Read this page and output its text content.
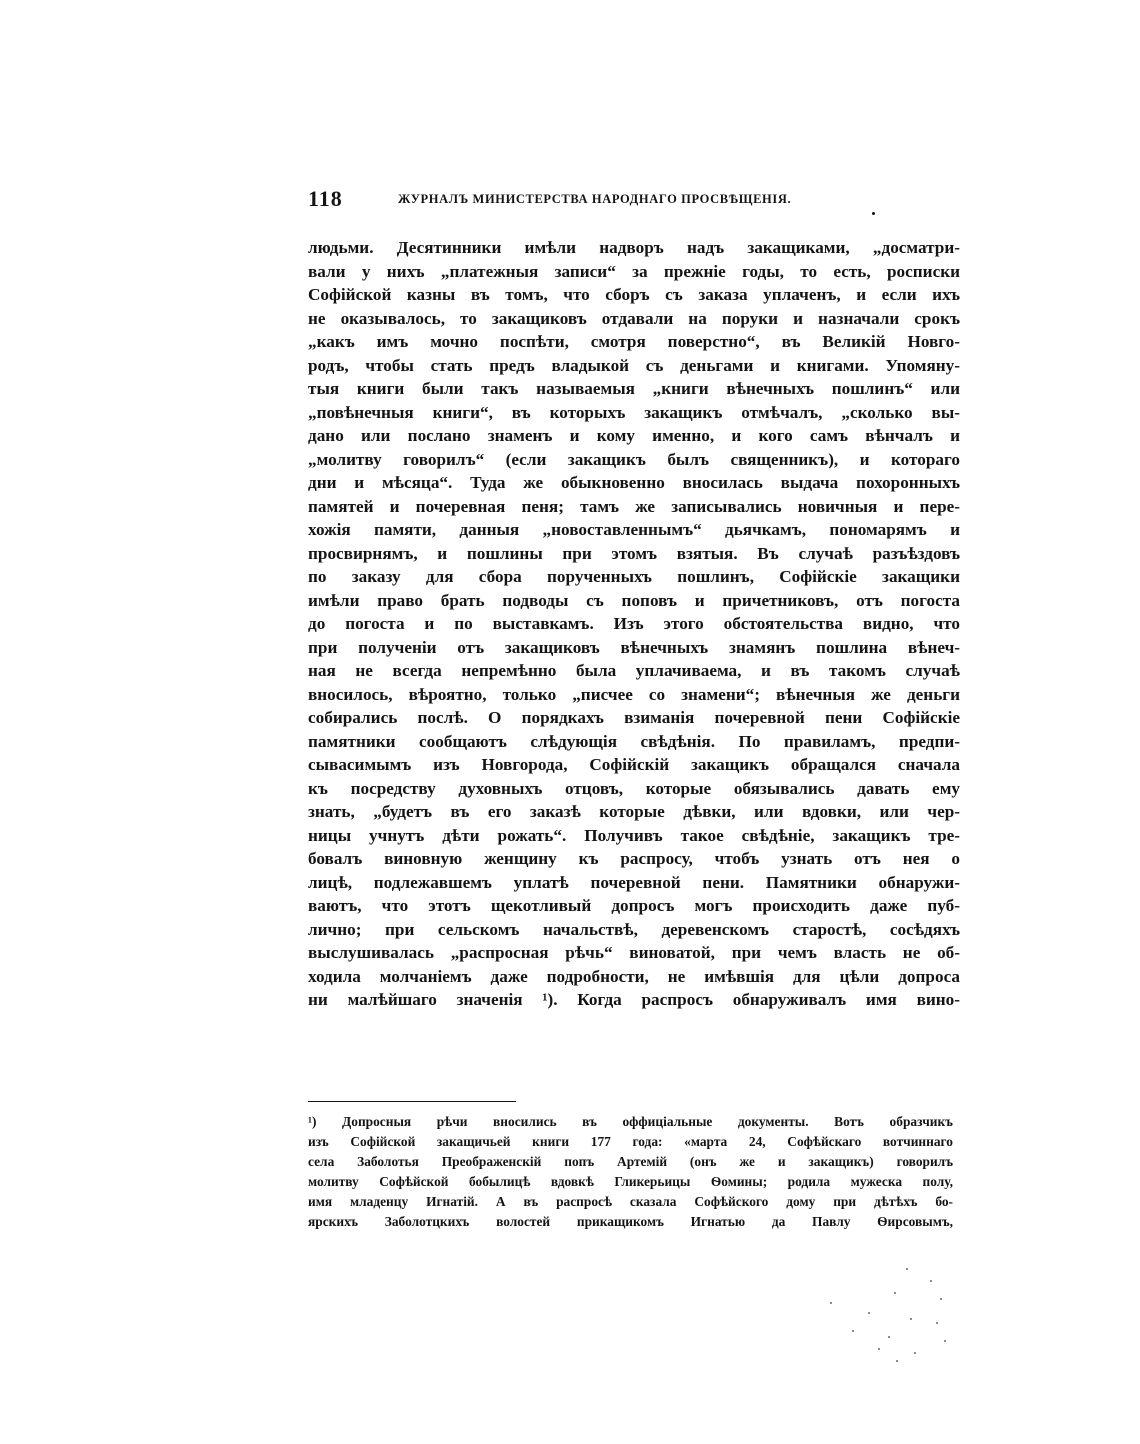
118	ЖУРНАЛЪ МИНИСТЕРСТВА НАРОДНАГО ПРОСВѢЩЕНІЯ.
людьми. Десятинники имѣли надворъ надъ закащиками, „досматри-
вали у нихъ „платежныя записи“ за прежніе годы, то есть, росписки
Софійской казны въ томъ, что сборъ съ заказа уплаченъ, и если ихъ
не оказывалось, то закащиковъ отдавали на поруки и назначали срокъ
„какъ имъ мочно поспѣти, смотря поверстно“, въ Великій Новго-
родъ, чтобы стать предъ владыкой съ деньгами и книгами. Упомяну-
тыя книги были такъ называемыя „книги вѣнечныхъ пошлинъ“ или
„повѣнечныя книги“, въ которыхъ закащикъ отмѣчалъ, „сколько вы-
дано или послано знаменъ и кому именно, и кого самъ вѣнчалъ и
„молитву говорилъ“ (если закащикъ былъ священникъ), и котораго
дни и мѣсяца“. Туда же обыкновенно вносилась выдача похоронныхъ
памятей и почеревная пеня; тамъ же записывались новичныя и пере-
хожія памяти, данныя „новоставленнымъ“ дьячкамъ, пономарямъ и
просвирнямъ, и пошлины при этомъ взятыя. Въ случаѣ разъѣздовъ
по заказу для сбора порученныхъ пошлинъ, Софійскіе закащики
имѣли право брать подводы съ поповъ и причетниковъ, отъ погоста
до погоста и по выставкамъ. Изъ этого обстоятельства видно, что
при полученіи отъ закащиковъ вѣнечныхъ знамянъ пошлина вѣнеч-
ная не всегда непремѣнно была уплачиваема, и въ такомъ случаѣ
вносилось, вѣроятно, только „писчее со знамени“; вѣнечныя же деньги
собирались послѣ. О порядкахъ взиманія почеревной пени Софійскіе
памятники сообщаютъ слѣдующія свѣдѣнія. По правиламъ, предпи-
сывасимымъ изъ Новгорода, Софійскій закащикъ обращался сначала
къ посредству духовныхъ отцовъ, которые обязывались давать ему
знать, „будетъ въ его заказѣ которые дѣвки, или вдовки, или чер-
ницы учнутъ дѣти рожать“. Получивъ такое свѣдѣніе, закащикъ тре-
бовалъ виновную женщину къ распросу, чтобъ узнать отъ нея о
лицѣ, подлежавшемъ уплатѣ почеревной пени. Памятники обнаружи-
ваютъ, что этотъ щекотливый допросъ могъ происходить даже пуб-
лично; при сельскомъ начальствѣ, деревенскомъ старостѣ, сосѣдяхъ
выслушивалась „распросная рѣчь“ виноватой, при чемъ власть не об-
ходила молчаніемъ даже подробности, не имѣвшія для цѣли допроса
ни малѣйшаго значенія ¹). Когда распросъ обнаруживалъ имя вино-
¹) Допросныя рѣчи вносились въ оффиціальные документы. Вотъ образчикъ
изъ Софійской закащичьей книги 177 года: «марта 24, Софѣйскаго вотчиннаго
села Заболотья Преображенскій попъ Артемій (онъ же и закащикъ) говорилъ
молитву Софѣйской бобылицѣ вдовкѣ Гликерьицы Ѳомины; родила мужеска полу,
имя младенцу Игнатій. А въ распросѣ сказала Софѣйского дому при дѣтѣхъ бо-
ярскихъ Заболотцкихъ волостей прикащикомъ Игнатью да Павлу Ѳирсовымъ,
